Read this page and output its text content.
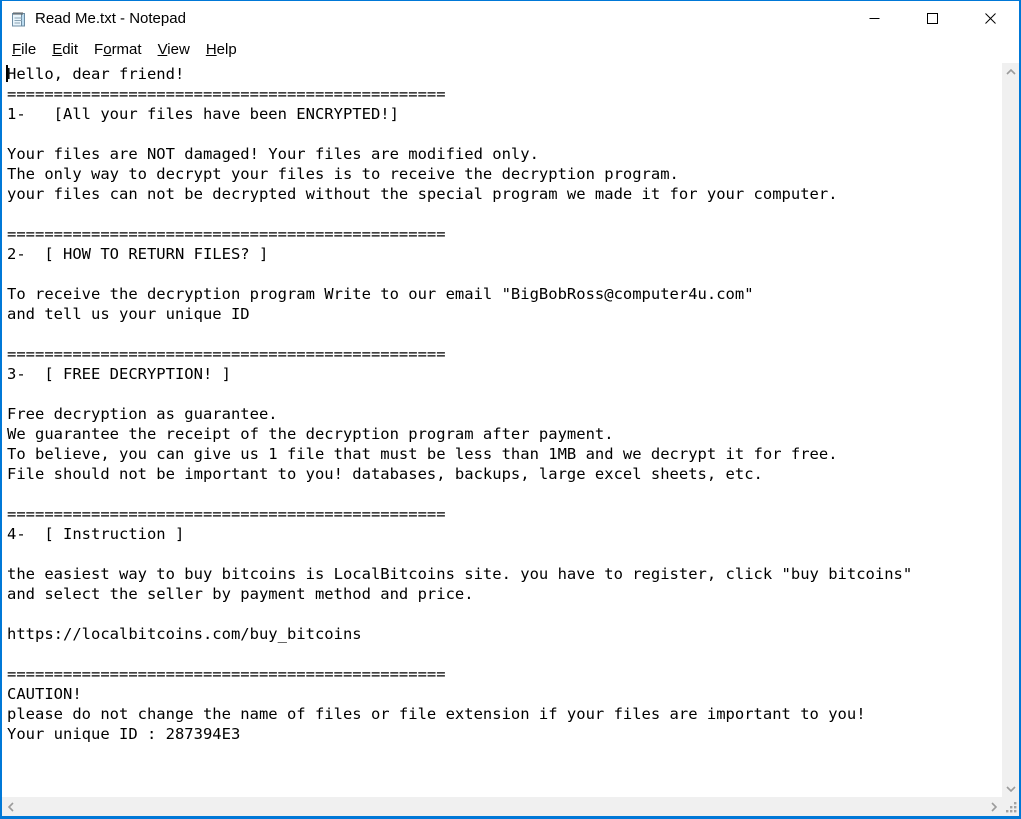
Read Me.txt - Notepad
File	Edit	Format	View	Help
Hello, dear friend!
===============================================
1-   [All your files have been ENCRYPTED!]
Your files are NOT damaged! Your files are modified only.
The only way to decrypt your files is to receive the decryption program.
your files can not be decrypted without the special program we made it for your computer.
===============================================
2-  [ HOW TO RETURN FILES? ]
To receive the decryption program Write to our email "BigBobRoss@computer4u.com"
and tell us your unique ID
===============================================
3-  [ FREE DECRYPTION! ]
Free decryption as guarantee.
We guarantee the receipt of the decryption program after payment.
To believe, you can give us 1 file that must be less than 1MB and we decrypt it for free.
File should not be important to you! databases, backups, large excel sheets, etc.
===============================================
4-  [ Instruction ]
the easiest way to buy bitcoins is LocalBitcoins site. you have to register, click "buy bitcoins"
and select the seller by payment method and price.
https://localbitcoins.com/buy_bitcoins
===============================================
CAUTION!
please do not change the name of files or file extension if your files are important to you!
Your unique ID : 287394E3
